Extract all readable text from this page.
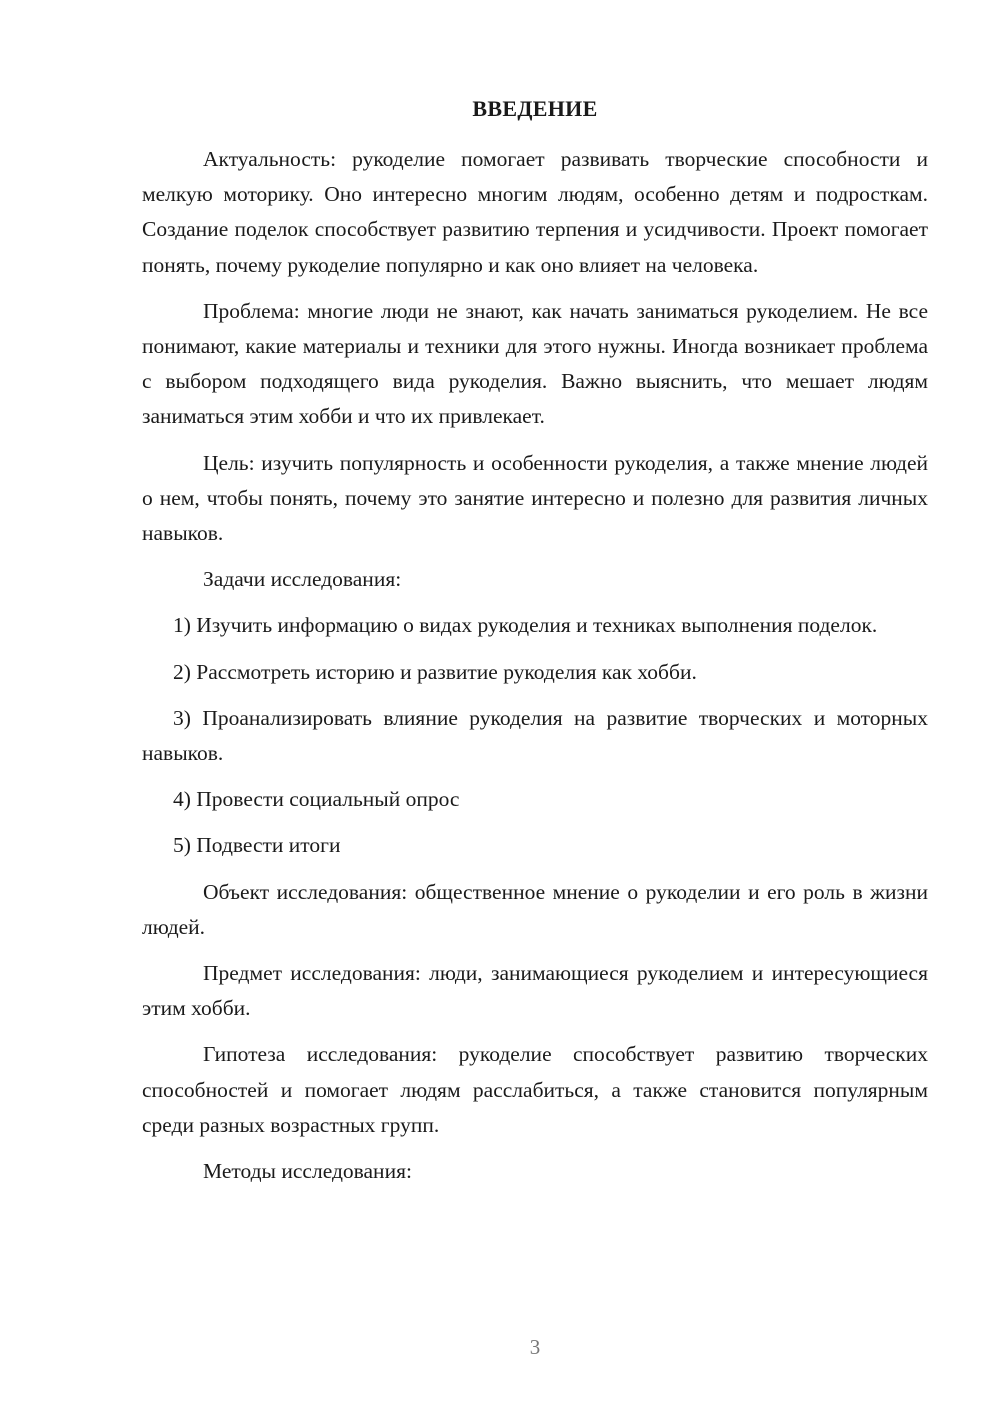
ВВЕДЕНИЕ

Актуальность: рукоделие помогает развивать творческие способности и мелкую моторику. Оно интересно многим людям, особенно детям и подросткам. Создание поделок способствует развитию терпения и усидчивости. Проект помогает понять, почему рукоделие популярно и как оно влияет на человека.

Проблема: многие люди не знают, как начать заниматься рукоделием. Не все понимают, какие материалы и техники для этого нужны. Иногда возникает проблема с выбором подходящего вида рукоделия. Важно выяснить, что мешает людям заниматься этим хобби и что их привлекает.

Цель: изучить популярность и особенности рукоделия, а также мнение людей о нем, чтобы понять, почему это занятие интересно и полезно для развития личных навыков.

Задачи исследования:

1) Изучить информацию о видах рукоделия и техниках выполнения поделок.

2) Рассмотреть историю и развитие рукоделия как хобби.

3) Проанализировать влияние рукоделия на развитие творческих и моторных навыков.

4) Провести социальный опрос

5) Подвести итоги

Объект исследования: общественное мнение о рукоделии и его роль в жизни людей.

Предмет исследования: люди, занимающиеся рукоделием и интересующиеся этим хобби.

Гипотеза исследования: рукоделие способствует развитию творческих способностей и помогает людям расслабиться, а также становится популярным среди разных возрастных групп.

Методы исследования:

3
